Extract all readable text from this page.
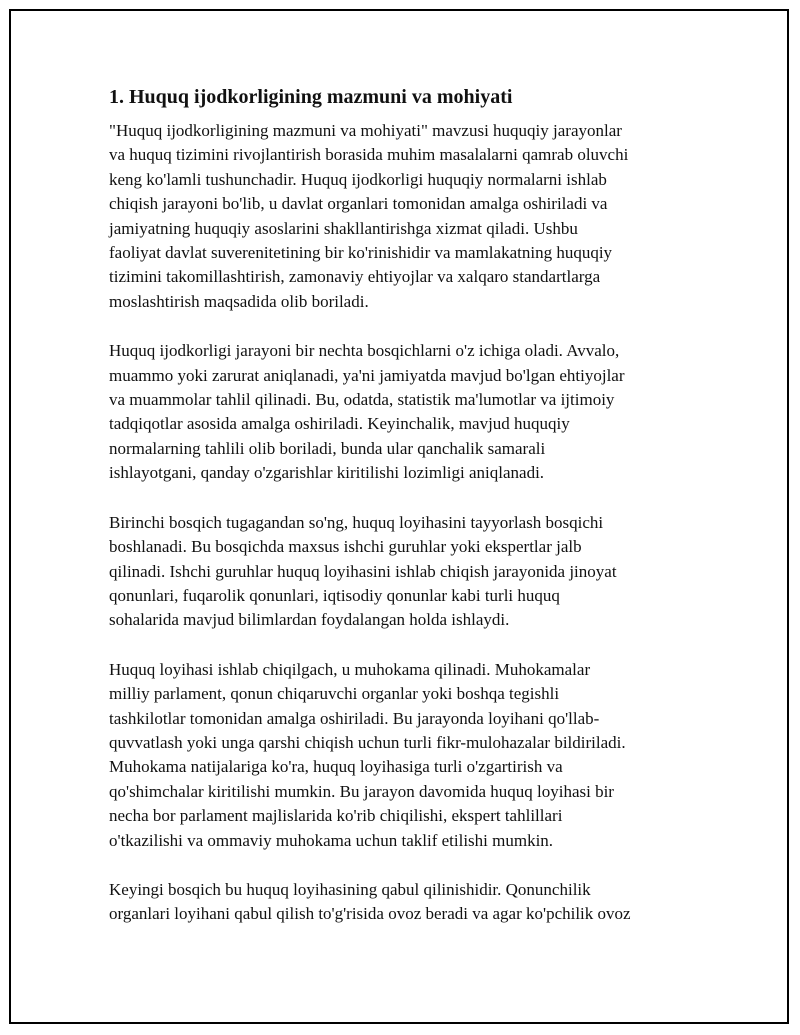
1. Huquq ijodkorligining mazmuni va mohiyati
"Huquq ijodkorligining mazmuni va mohiyati" mavzusi huquqiy jarayonlar
va huquq tizimini rivojlantirish borasida muhim masalalarni qamrab oluvchi
keng ko'lamli tushunchadir. Huquq ijodkorligi huquqiy normalarni ishlab
chiqish jarayoni bo'lib, u davlat organlari tomonidan amalga oshiriladi va
jamiyatning huquqiy asoslarini shakllantirishga xizmat qiladi. Ushbu
faoliyat davlat suverenitetining bir ko'rinishidir va mamlakatning huquqiy
tizimini takomillashtirish, zamonaviy ehtiyojlar va xalqaro standartlarga
moslashtirish maqsadida olib boriladi.
Huquq ijodkorligi jarayoni bir nechta bosqichlarni o'z ichiga oladi. Avvalo,
muammo yoki zarurat aniqlanadi, ya'ni jamiyatda mavjud bo'lgan ehtiyojlar
va muammolar tahlil qilinadi. Bu, odatda, statistik ma'lumotlar va ijtimoiy
tadqiqotlar asosida amalga oshiriladi. Keyinchalik, mavjud huquqiy
normalarning tahlili olib boriladi, bunda ular qanchalik samarali
ishlayotgani, qanday o'zgarishlar kiritilishi lozimligi aniqlanadi.
Birinchi bosqich tugagandan so'ng, huquq loyihasini tayyorlash bosqichi
boshlanadi. Bu bosqichda maxsus ishchi guruhlar yoki ekspertlar jalb
qilinadi. Ishchi guruhlar huquq loyihasini ishlab chiqish jarayonida jinoyat
qonunlari, fuqarolik qonunlari, iqtisodiy qonunlar kabi turli huquq
sohalarida mavjud bilimlardan foydalangan holda ishlaydi.
Huquq loyihasi ishlab chiqilgach, u muhokama qilinadi. Muhokamalar
milliy parlament, qonun chiqaruvchi organlar yoki boshqa tegishli
tashkilotlar tomonidan amalga oshiriladi. Bu jarayonda loyihani qo'llab-
quvvatlash yoki unga qarshi chiqish uchun turli fikr-mulohazalar bildiriladi.
Muhokama natijalariga ko'ra, huquq loyihasiga turli o'zgartirish va
qo'shimchalar kiritilishi mumkin. Bu jarayon davomida huquq loyihasi bir
necha bor parlament majlislarida ko'rib chiqilishi, ekspert tahlillari
o'tkazilishi va ommaviy muhokama uchun taklif etilishi mumkin.
Keyingi bosqich bu huquq loyihasining qabul qilinishidir. Qonunchilik
organlari loyihani qabul qilish to'g'risida ovoz beradi va agar ko'pchilik ovoz
